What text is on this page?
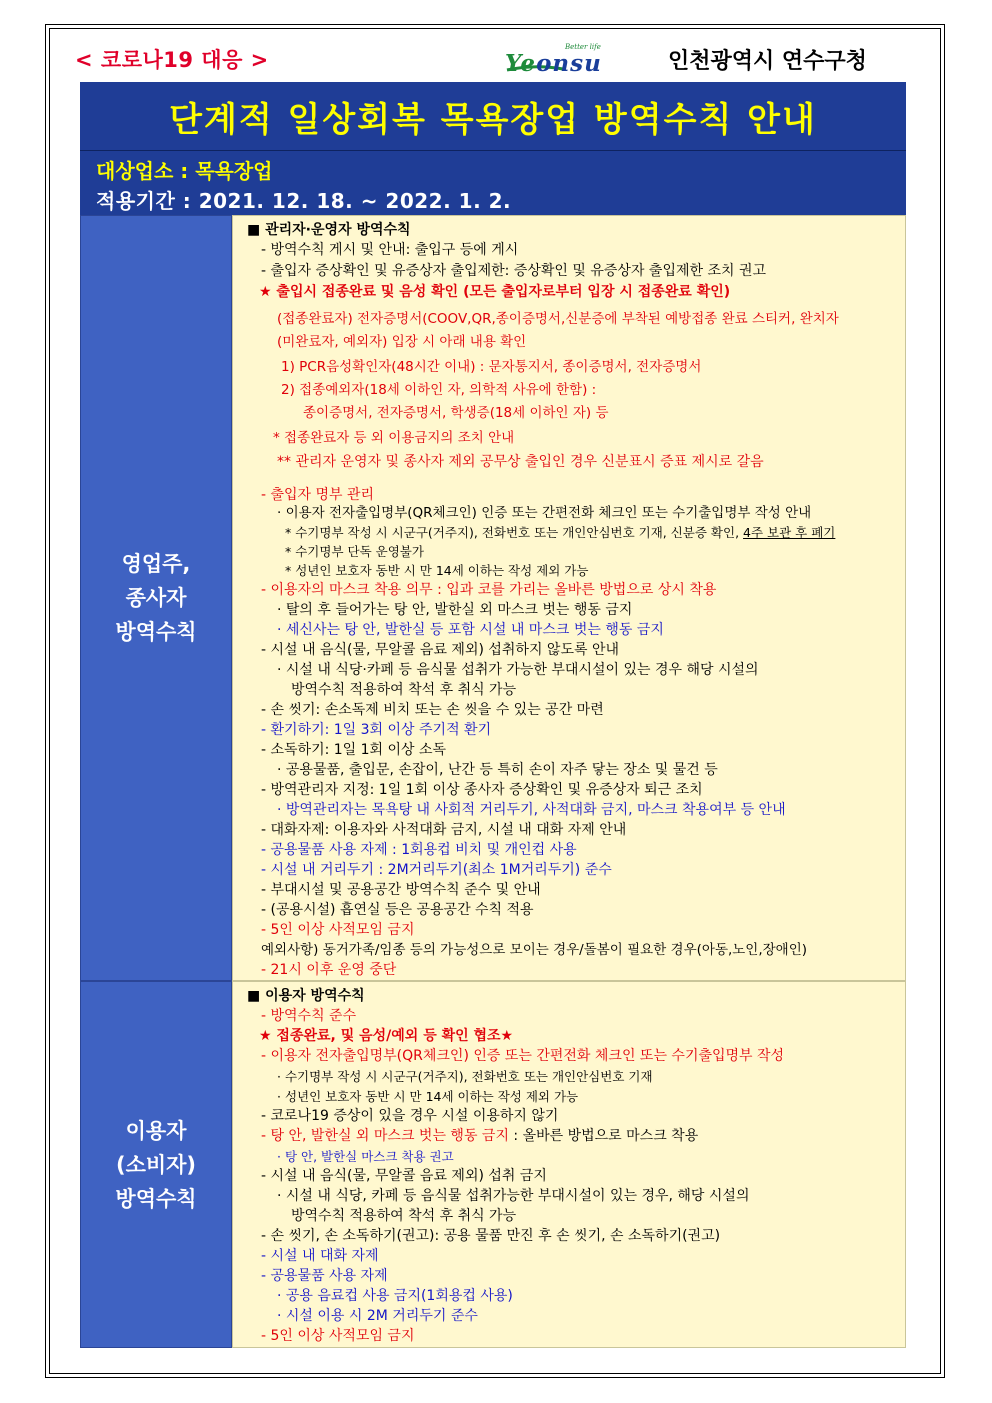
< 코로나19 대응 >
Better life
Yeonsu	인천광역시 연수구청
단계적 일상회복 목욕장업 방역수칙 안내
대상업소 : 목욕장업
적용기간 : 2021. 12. 18. ~ 2022. 1. 2.
영업주,
종사자
방역수칙
■ 관리자·운영자 방역수칙
- 방역수칙 게시 및 안내: 출입구 등에 게시
- 출입자 증상확인 및 유증상자 출입제한: 증상확인 및 유증상자 출입제한 조치 권고
★ 출입시 접종완료 및 음성 확인 (모든 출입자로부터 입장 시 접종완료 확인)
(접종완료자) 전자증명서(COOV,QR,종이증명서,신분증에 부착된 예방접종 완료 스티커, 완치자
(미완료자, 예외자) 입장 시 아래 내용 확인
1) PCR음성확인자(48시간 이내) : 문자통지서, 종이증명서, 전자증명서
2) 접종예외자(18세 이하인 자, 의학적 사유에 한함) :
종이증명서, 전자증명서, 학생증(18세 이하인 자) 등
* 접종완료자 등 외 이용금지의 조치 안내
** 관리자 운영자 및 종사자 제외 공무상 출입인 경우 신분표시 증표 제시로 갈음
- 출입자 명부 관리
· 이용자 전자출입명부(QR체크인) 인증 또는 간편전화 체크인 또는 수기출입명부 작성 안내
* 수기명부 작성 시 시군구(거주지), 전화번호 또는 개인안심번호 기재, 신분증 확인, 4주 보관 후 폐기
* 수기명부 단독 운영불가
* 성년인 보호자 동반 시 만 14세 이하는 작성 제외 가능
- 이용자의 마스크 착용 의무 : 입과 코를 가리는 올바른 방법으로 상시 착용
· 탈의 후 들어가는 탕 안, 발한실 외 마스크 벗는 행동 금지
· 세신사는 탕 안, 발한실 등 포함 시설 내 마스크 벗는 행동 금지
- 시설 내 음식(물, 무알콜 음료 제외) 섭취하지 않도록 안내
· 시설 내 식당·카페 등 음식물 섭취가 가능한 부대시설이 있는 경우 해당 시설의
방역수칙 적용하여 착석 후 취식 가능
- 손 씻기: 손소독제 비치 또는 손 씻을 수 있는 공간 마련
- 환기하기: 1일 3회 이상 주기적 환기
- 소독하기: 1일 1회 이상 소독
· 공용물품, 출입문, 손잡이, 난간 등 특히 손이 자주 닿는 장소 및 물건 등
- 방역관리자 지정: 1일 1회 이상 종사자 증상확인 및 유증상자 퇴근 조치
· 방역관리자는 목욕탕 내 사회적 거리두기, 사적대화 금지, 마스크 착용여부 등 안내
- 대화자제: 이용자와 사적대화 금지, 시설 내 대화 자제 안내
- 공용물품 사용 자제 : 1회용컵 비치 및 개인컵 사용
- 시설 내 거리두기 : 2M거리두기(최소 1M거리두기) 준수
- 부대시설 및 공용공간 방역수칙 준수 및 안내
- (공용시설) 흡연실 등은 공용공간 수칙 적용
- 5인 이상 사적모임 금지
예외사항) 동거가족/임종 등의 가능성으로 모이는 경우/돌봄이 필요한 경우(아동,노인,장애인)
- 21시 이후 운영 중단
이용자
(소비자)
방역수칙
■ 이용자 방역수칙
- 방역수칙 준수
★ 접종완료, 및 음성/예외 등 확인 협조★
- 이용자 전자출입명부(QR체크인) 인증 또는 간편전화 체크인 또는 수기출입명부 작성
· 수기명부 작성 시 시군구(거주지), 전화번호 또는 개인안심번호 기재
· 성년인 보호자 동반 시 만 14세 이하는 작성 제외 가능
- 코로나19 증상이 있을 경우 시설 이용하지 않기
- 탕 안, 발한실 외 마스크 벗는 행동 금지 : 올바른 방법으로 마스크 착용
· 탕 안, 발한실 마스크 착용 권고
- 시설 내 음식(물, 무알콜 음료 제외) 섭취 금지
· 시설 내 식당, 카페 등 음식물 섭취가능한 부대시설이 있는 경우, 해당 시설의
방역수칙 적용하여 착석 후 취식 가능
- 손 씻기, 손 소독하기(권고): 공용 물품 만진 후 손 씻기, 손 소독하기(권고)
- 시설 내 대화 자제
- 공용물품 사용 자제
· 공용 음료컵 사용 금지(1회용컵 사용)
· 시설 이용 시 2M 거리두기 준수
- 5인 이상 사적모임 금지
